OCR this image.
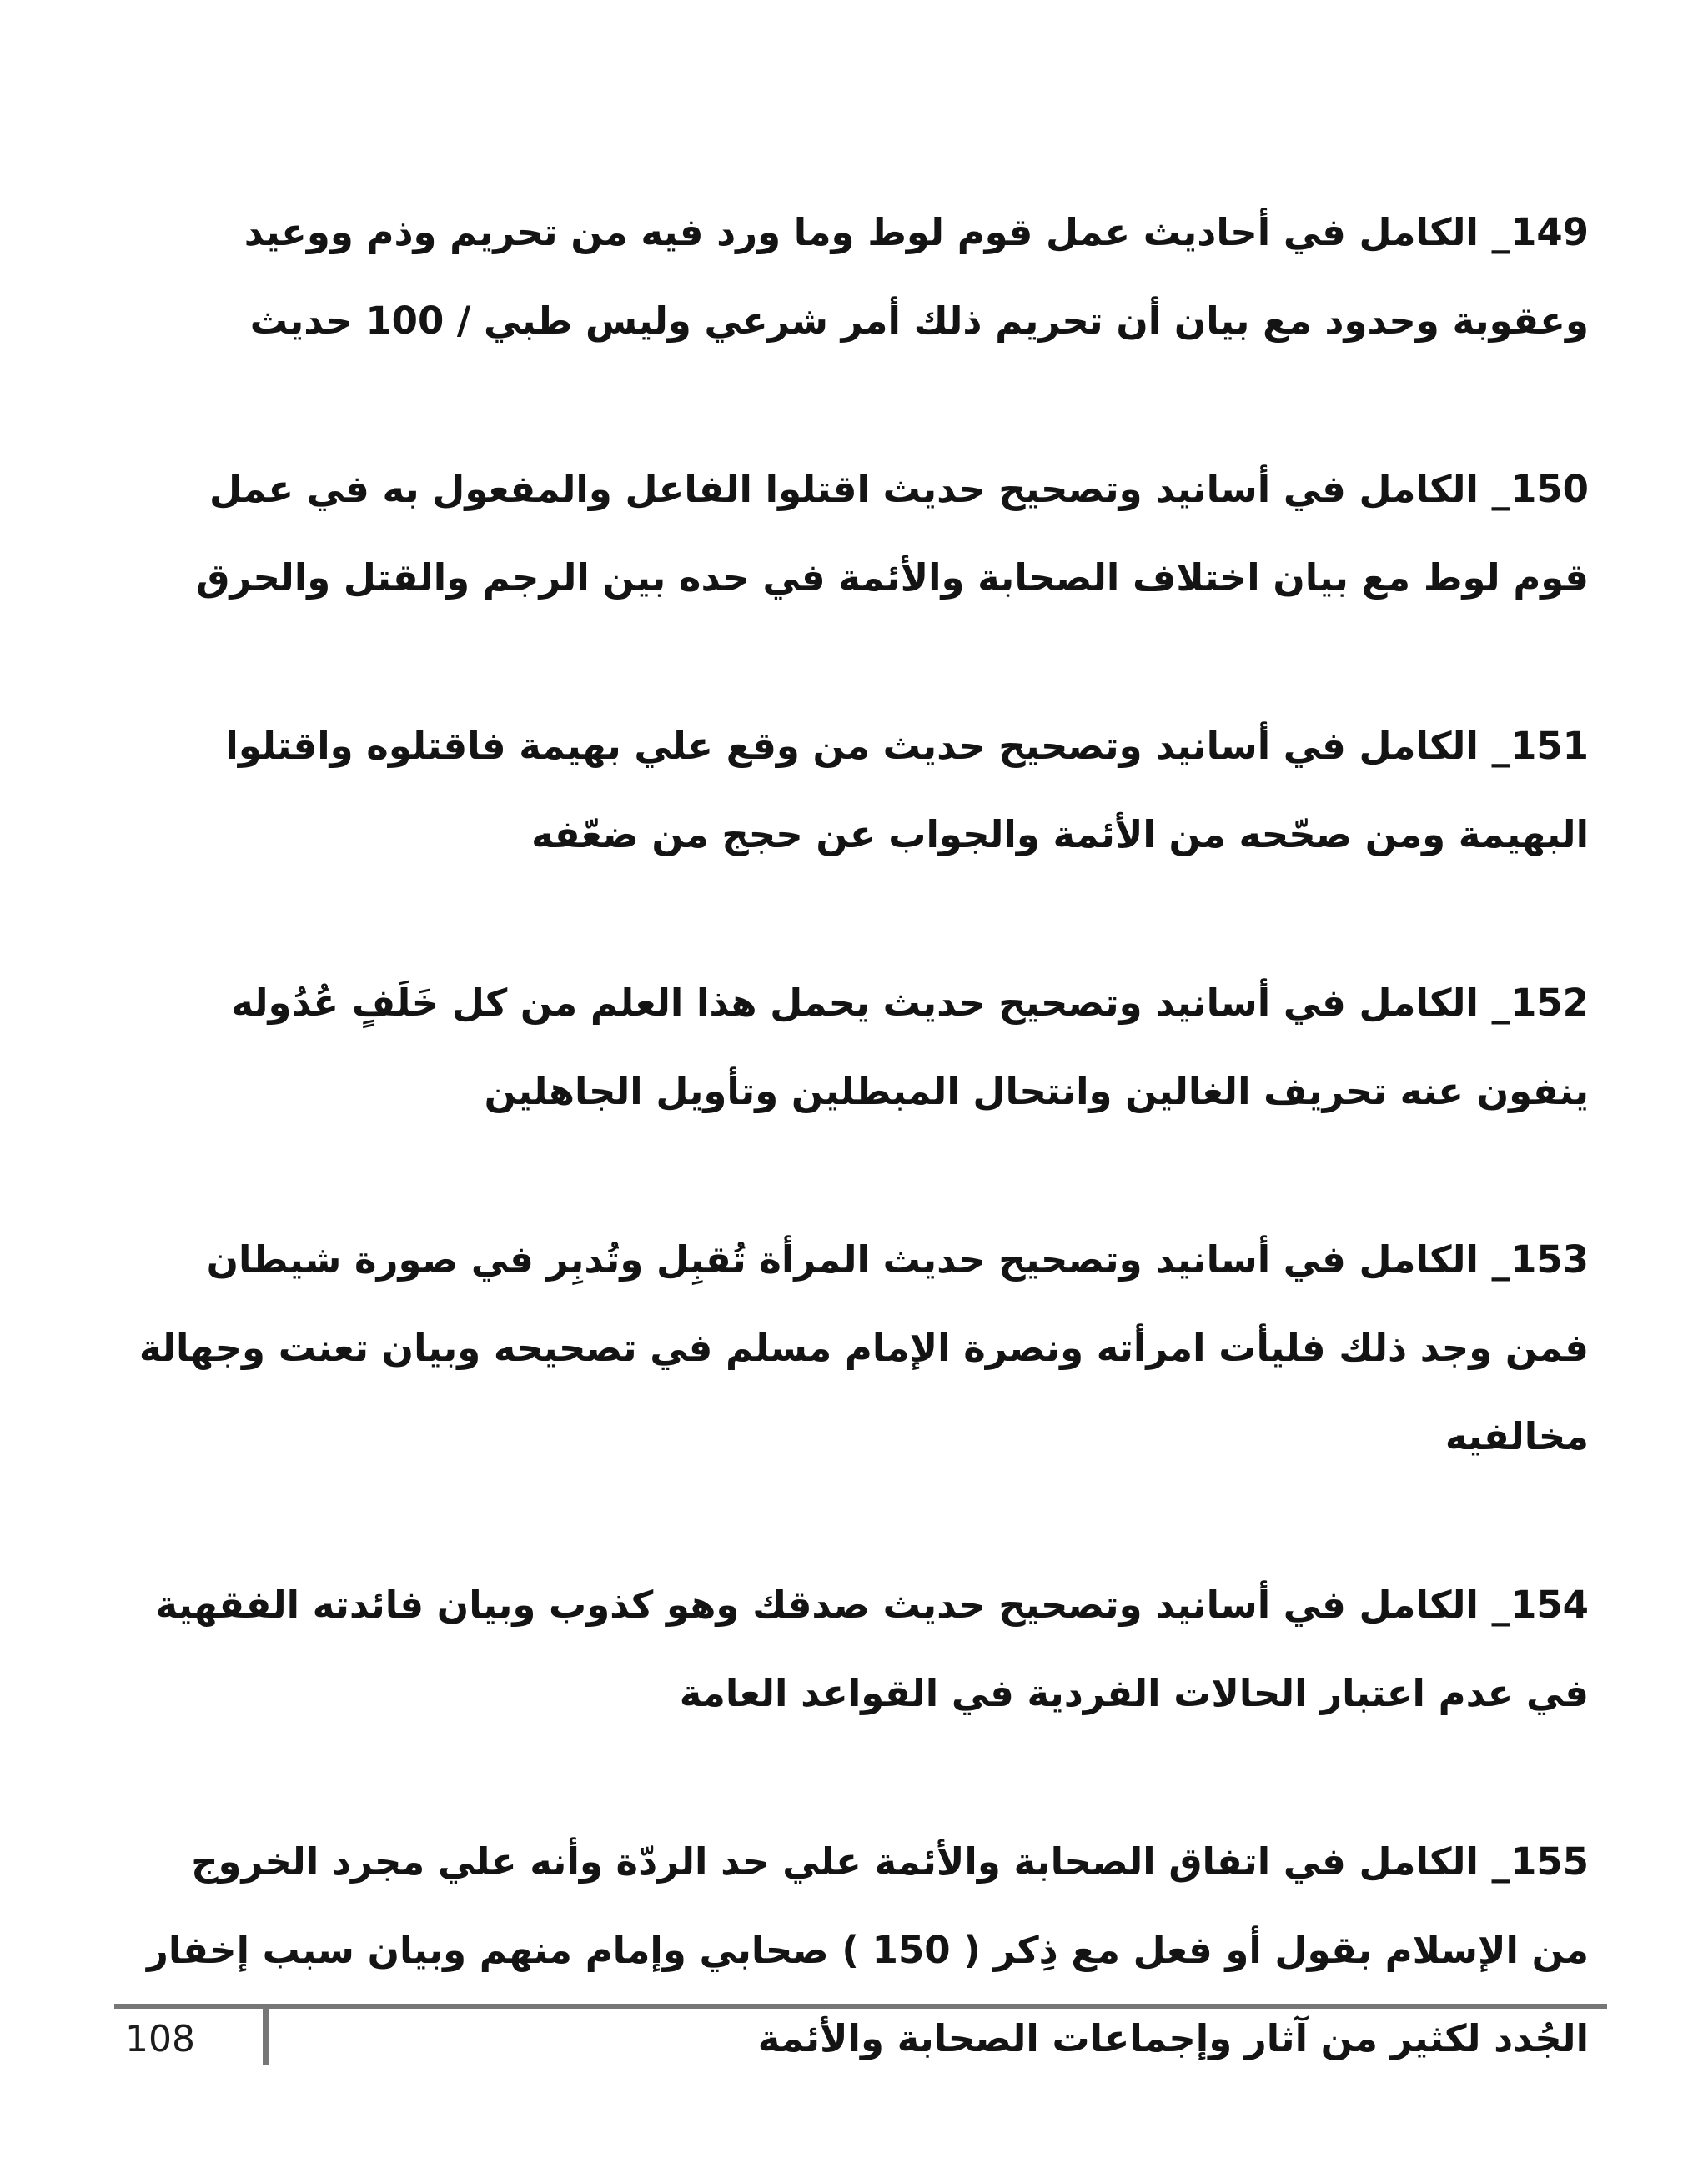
149_ الكامل في أحاديث عمل قوم لوط وما ورد فيه من تحريم وذم ووعيد وعقوبة وحدود مع بيان أن تحريم ذلك أمر شرعي وليس طبي / 100 حديث

150_ الكامل في أسانيد وتصحيح حديث اقتلوا الفاعل والمفعول به في عمل قوم لوط مع بيان اختلاف الصحابة والأئمة في حده بين الرجم والقتل والحرق

151_ الكامل في أسانيد وتصحيح حديث من وقع علي بهيمة فاقتلوه واقتلوا البهيمة ومن صحّحه من الأئمة والجواب عن حجج من ضعّفه

152_ الكامل في أسانيد وتصحيح حديث يحمل هذا العلم من كل خَلَفٍ عُدُوله ينفون عنه تحريف الغالين وانتحال المبطلين وتأويل الجاهلين

153_ الكامل في أسانيد وتصحيح حديث المرأة تُقبِل وتُدبِر في صورة شيطان فمن وجد ذلك فليأت امرأته ونصرة الإمام مسلم في تصحيحه وبيان تعنت وجهالة مخالفيه

154_ الكامل في أسانيد وتصحيح حديث صدقك وهو كذوب وبيان فائدته الفقهية في عدم اعتبار الحالات الفردية في القواعد العامة

155_ الكامل في اتفاق الصحابة والأئمة علي حد الردّة وأنه علي مجرد الخروج من الإسلام بقول أو فعل مع ذِكر ( 150 ) صحابي وإمام منهم وبيان سبب إخفار الجُدد لكثير من آثار وإجماعات الصحابة والأئمة

108
